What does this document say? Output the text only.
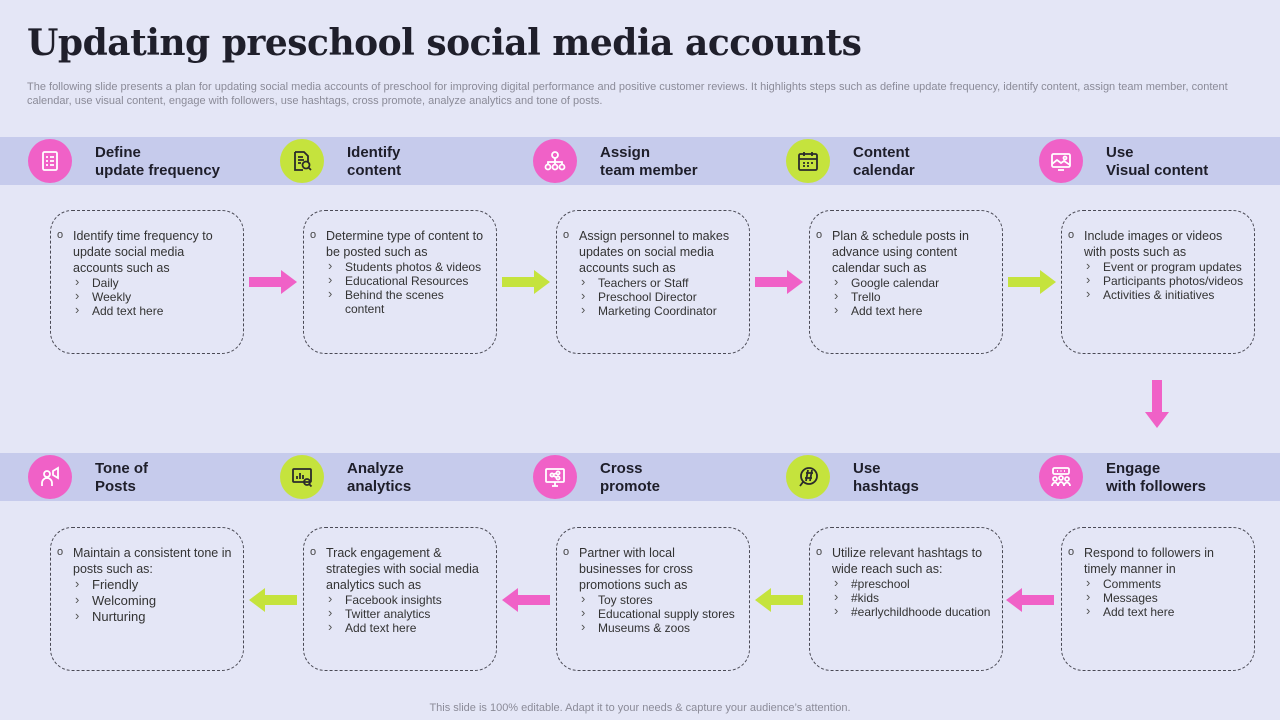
Updating preschool social media accounts
The following slide presents a plan for updating social media accounts of preschool for improving digital performance and positive customer reviews. It highlights steps such as define update frequency, identify content, assign team member, content calendar, use visual content, engage with followers, use hashtags, cross promote, analyze analytics and tone of posts.
Define
update frequency
Identify
content
Assign
team member
Content
calendar
Use
Visual content
o Identify time frequency to update social media accounts such as
› Daily
› Weekly
› Add text here
o Determine type of content to be posted such as
› Students photos & videos
› Educational Resources
› Behind the scenes content
o Assign personnel to makes updates on social media accounts such as
› Teachers or Staff
› Preschool Director
› Marketing Coordinator
o Plan & schedule posts in advance using content calendar such as
› Google calendar
› Trello
› Add text here
o Include images or videos with posts such as
› Event or program updates
› Participants photos/videos
› Activities & initiatives
Tone of
Posts
Analyze
analytics
Cross
promote
Use
hashtags
Engage
with followers
o Maintain a consistent tone in posts such as:
› Friendly
› Welcoming
› Nurturing
o Track engagement & strategies with social media analytics such as
› Facebook insights
› Twitter analytics
› Add text here
o Partner with local businesses for cross promotions such as
› Toy stores
› Educational supply stores
› Museums & zoos
o Utilize relevant hashtags to wide reach such as:
› #preschool
› #kids
› #earlychildhoode ducation
o Respond to followers in timely manner in
› Comments
› Messages
› Add text here
This slide is 100% editable. Adapt it to your needs & capture your audience’s attention.
